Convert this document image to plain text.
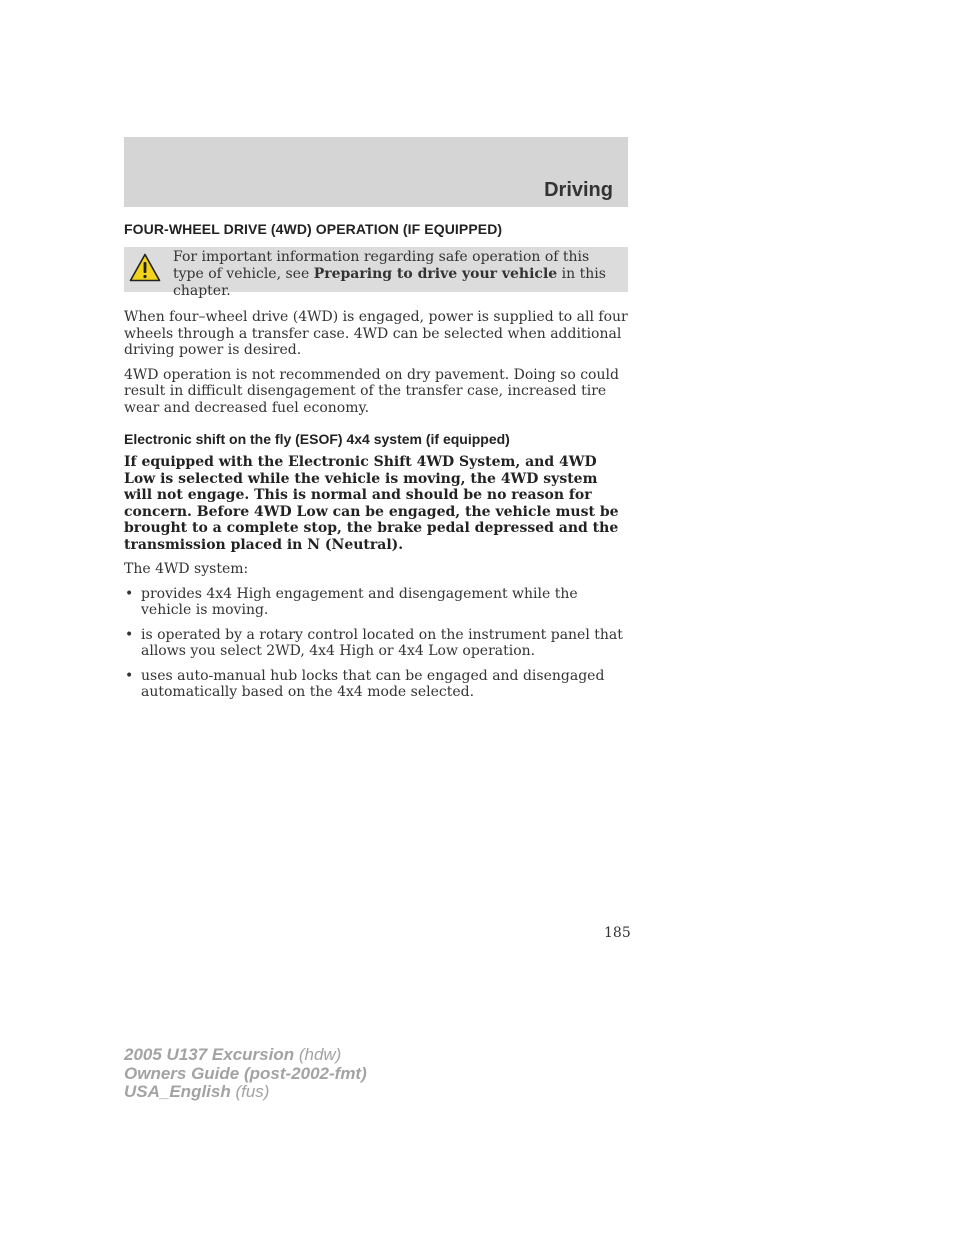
Driving
FOUR-WHEEL DRIVE (4WD) OPERATION (IF EQUIPPED)

For important information regarding safe operation of this type of vehicle, see Preparing to drive your vehicle in this chapter.

When four–wheel drive (4WD) is engaged, power is supplied to all four wheels through a transfer case. 4WD can be selected when additional driving power is desired.

4WD operation is not recommended on dry pavement. Doing so could result in difficult disengagement of the transfer case, increased tire wear and decreased fuel economy.

Electronic shift on the fly (ESOF) 4x4 system (if equipped)

If equipped with the Electronic Shift 4WD System, and 4WD Low is selected while the vehicle is moving, the 4WD system will not engage. This is normal and should be no reason for concern. Before 4WD Low can be engaged, the vehicle must be brought to a complete stop, the brake pedal depressed and the transmission placed in N (Neutral).

The 4WD system:

• provides 4x4 High engagement and disengagement while the vehicle is moving.
• is operated by a rotary control located on the instrument panel that allows you select 2WD, 4x4 High or 4x4 Low operation.
• uses auto-manual hub locks that can be engaged and disengaged automatically based on the 4x4 mode selected.
185
2005 U137 Excursion (hdw)
Owners Guide (post-2002-fmt)
USA_English (fus)
